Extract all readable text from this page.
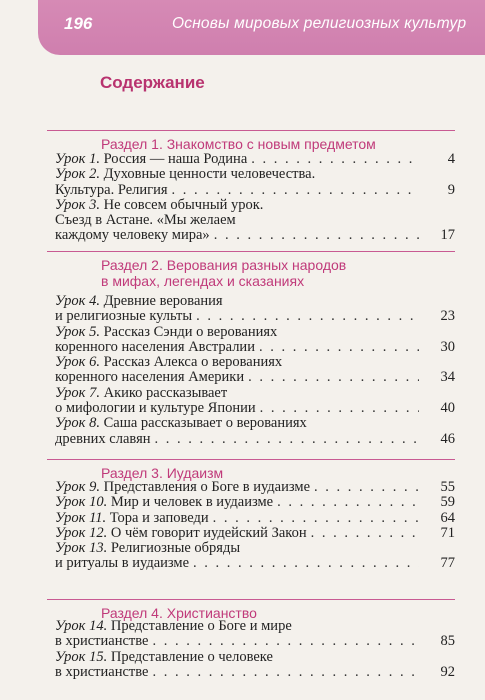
196	Основы мировых религиозных культур
Содержание
Раздел 1. Знакомство с новым предметом
Урок 1. Россия — наша Родина . . .	4
Урок 2. Духовные ценности человечества.
Культура. Религия . . .	9
Урок 3. Не совсем обычный урок.
Съезд в Астане. «Мы желаем
каждому человеку мира» . . .	17
Раздел 2. Верования разных народов
в мифах, легендах и сказаниях
Урок 4. Древние верования
и религиозные культы . . .	23
Урок 5. Рассказ Сэнди о верованиях
коренного населения Австралии . . .	30
Урок 6. Рассказ Алекса о верованиях
коренного населения Америки . . .	34
Урок 7. Акико рассказывает
о мифологии и культуре Японии . . .	40
Урок 8. Саша рассказывает о верованиях
древних славян . . .	46
Раздел 3. Иудаизм
Урок 9. Представления о Боге в иудаизме . . .	55
Урок 10. Мир и человек в иудаизме . . .	59
Урок 11. Тора и заповеди . . .	64
Урок 12. О чём говорит иудейский Закон . . .	71
Урок 13. Религиозные обряды
и ритуалы в иудаизме . . .	77
Раздел 4. Христианство
Урок 14. Представление о Боге и мире
в христианстве . . .	85
Урок 15. Представление о человеке
в христианстве . . .	92
